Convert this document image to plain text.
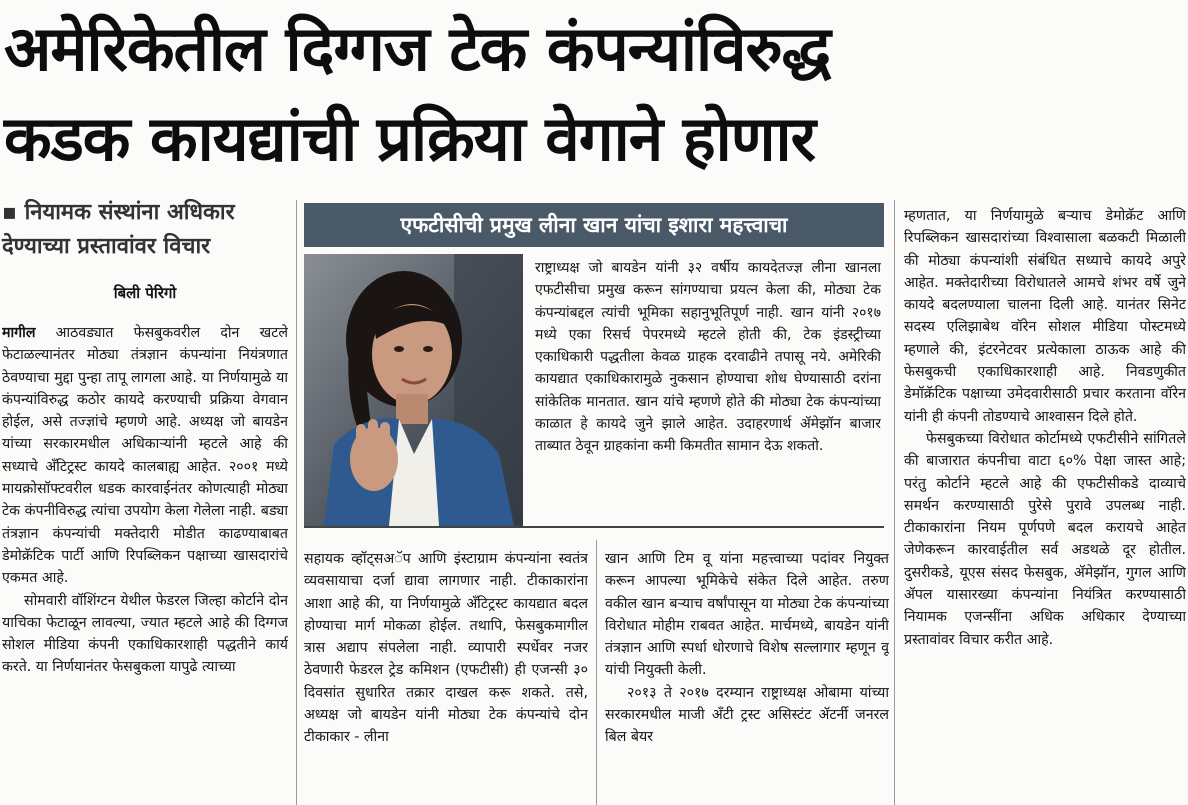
अमेरिकेतील दिग्गज टेक कंपन्यांविरुद्ध
कडक कायद्यांची प्रक्रिया वेगाने होणार
▪ नियामक संस्थांना अधिकार
देण्याच्या प्रस्तावांवर विचार
बिली पेरिगो

मागील आठवड्यात फेसबुकवरील दोन खटले फेटाळल्यानंतर मोठ्या तंत्रज्ञान कंपन्यांना नियंत्रणात ठेवण्याचा मुद्दा पुन्हा तापू लागला आहे. या निर्णयामुळे या कंपन्यांविरुद्ध कठोर कायदे करण्याची प्रक्रिया वेगवान होईल, असे तज्ज्ञांचे म्हणणे आहे. अध्यक्ष जो बायडेन यांच्या सरकारमधील अधिकाऱ्यांनी म्हटले आहे की सध्याचे ॲंटिट्रस्ट कायदे कालबाह्य आहेत. २००१ मध्ये मायक्रोसॉफ्टवरील धडक कारवाईनंतर कोणत्याही मोठ्या टेक कंपनीविरुद्ध त्यांचा उपयोग केला गेलेला नाही. बड्या तंत्रज्ञान कंपन्यांची मक्तेदारी मोडीत काढण्याबाबत डेमोक्रॅटिक पार्टी आणि रिपब्लिकन पक्षाच्या खासदारांचे एकमत आहे.

सोमवारी वॉशिंग्टन येथील फेडरल जिल्हा कोर्टाने दोन याचिका फेटाळून लावल्या, ज्यात म्हटले आहे की दिग्गज सोशल मीडिया कंपनी एकाधिकारशाही पद्धतीने कार्य करते. या निर्णयानंतर फेसबुकला यापुढे त्याच्या

एफटीसीची प्रमुख लीना खान यांचा इशारा महत्त्वाचा
राष्ट्राध्यक्ष जो बायडेन यांनी ३२ वर्षीय कायदेतज्ज्ञ लीना खानला एफटीसीचा प्रमुख करून सांगण्याचा प्रयत्न केला की, मोठ्या टेक कंपन्यांबद्दल त्यांची भूमिका सहानुभूतिपूर्ण नाही. खान यांनी २०१७ मध्ये एका रिसर्च पेपरमध्ये म्हटले होती की, टेक इंडस्ट्रीच्या एकाधिकारी पद्धतीला केवळ ग्राहक दरवाढीने तपासू नये. अमेरिकी कायद्यात एकाधिकारामुळे नुकसान होण्याचा शोध घेण्यासाठी दरांना सांकेतिक मानतात. खान यांचे म्हणणे होते की मोठ्या टेक कंपन्यांच्या काळात हे कायदे जुने झाले आहेत. उदाहरणार्थ ॲमेझॉन बाजार ताब्यात ठेवून ग्राहकांना कमी किमतीत सामान देऊ शकतो.

सहायक व्हॉट्सअॅप आणि इंस्टाग्राम कंपन्यांना स्वतंत्र व्यवसायाचा दर्जा द्यावा लागणार नाही. टीकाकारांना आशा आहे की, या निर्णयामुळे ॲंटिट्रस्ट कायद्यात बदल होण्याचा मार्ग मोकळा होईल. तथापि, फेसबुकमागील त्रास अद्याप संपलेला नाही. व्यापारी स्पर्धेवर नजर ठेवणारी फेडरल ट्रेड कमिशन (एफटीसी) ही एजन्सी ३० दिवसांत सुधारित तक्रार दाखल करू शकते. तसे, अध्यक्ष जो बायडेन यांनी मोठ्या टेक कंपन्यांचे दोन टीकाकार - लीना

खान आणि टिम वू यांना महत्त्वाच्या पदांवर नियुक्त करून आपल्या भूमिकेचे संकेत दिले आहेत. तरुण वकील खान बऱ्याच वर्षांपासून या मोठ्या टेक कंपन्यांच्या विरोधात मोहीम राबवत आहेत. मार्चमध्ये, बायडेन यांनी तंत्रज्ञान आणि स्पर्धा धोरणाचे विशेष सल्लागार म्हणून वू यांची नियुक्ती केली.

२०१३ ते २०१७ दरम्यान राष्ट्राध्यक्ष ओबामा यांच्या सरकारमधील माजी ॲंटी ट्रस्ट असिस्टंट ॲटर्नी जनरल बिल बेयर

म्हणतात, या निर्णयामुळे बऱ्याच डेमोक्रॅट आणि रिपब्लिकन खासदारांच्या विश्वासाला बळकटी मिळाली की मोठ्या कंपन्यांशी संबंधित सध्याचे कायदे अपुरे आहेत. मक्तेदारीच्या विरोधातले आमचे शंभर वर्षे जुने कायदे बदलण्याला चालना दिली आहे. यानंतर सिनेट सदस्य एलिझाबेथ वॉरेन सोशल मीडिया पोस्टमध्ये म्हणाले की, इंटरनेटवर प्रत्येकाला ठाऊक आहे की फेसबुकची एकाधिकारशाही आहे. निवडणुकीत डेमॉक्रॅटिक पक्षाच्या उमेदवारीसाठी प्रचार करताना वॉरेन यांनी ही कंपनी तोडण्याचे आश्वासन दिले होते.

फेसबुकच्या विरोधात कोर्टामध्ये एफटीसीने सांगितले की बाजारात कंपनीचा वाटा ६०% पेक्षा जास्त आहे; परंतु कोर्टाने म्हटले आहे की एफटीसीकडे दाव्याचे समर्थन करण्यासाठी पुरेसे पुरावे उपलब्ध नाही. टीकाकारांना नियम पूर्णपणे बदल करायचे आहेत जेणेकरून कारवाईतील सर्व अडथळे दूर होतील. दुसरीकडे, यूएस संसद फेसबुक, ॲमेझॉन, गुगल आणि ॲपल यासारख्या कंपन्यांना नियंत्रित करण्यासाठी नियामक एजन्सींना अधिक अधिकार देण्याच्या प्रस्तावांवर विचार करीत आहे.
